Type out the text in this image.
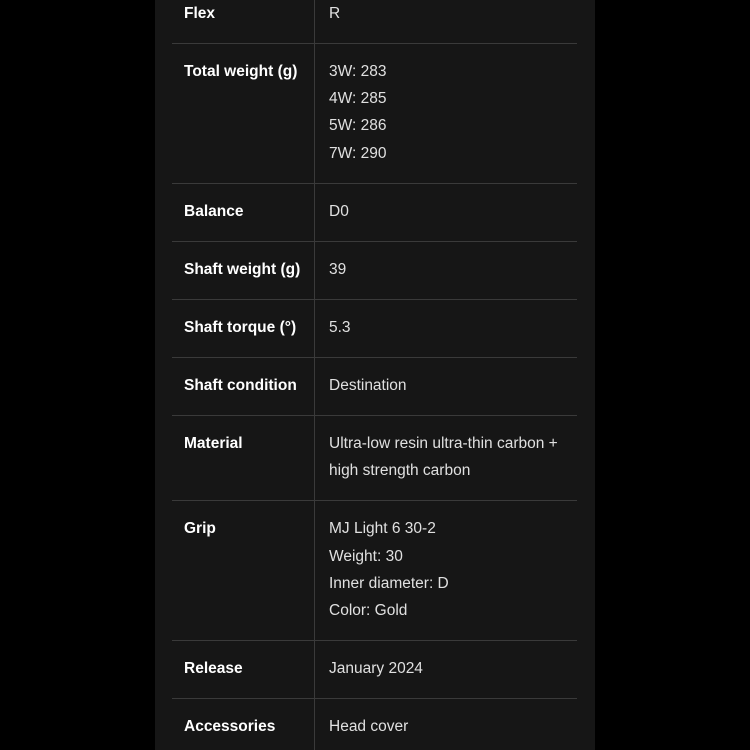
Flex	R

Total weight (g)	3W: 283
4W: 285
5W: 286
7W: 290

Balance	D0

Shaft weight (g)	39

Shaft torque (°)	5.3

Shaft condition	Destination

Material	Ultra-low resin ultra-thin carbon + high strength carbon

Grip	MJ Light 6 30-2
Weight: 30
Inner diameter: D
Color: Gold

Release	January 2024

Accessories	Head cover
